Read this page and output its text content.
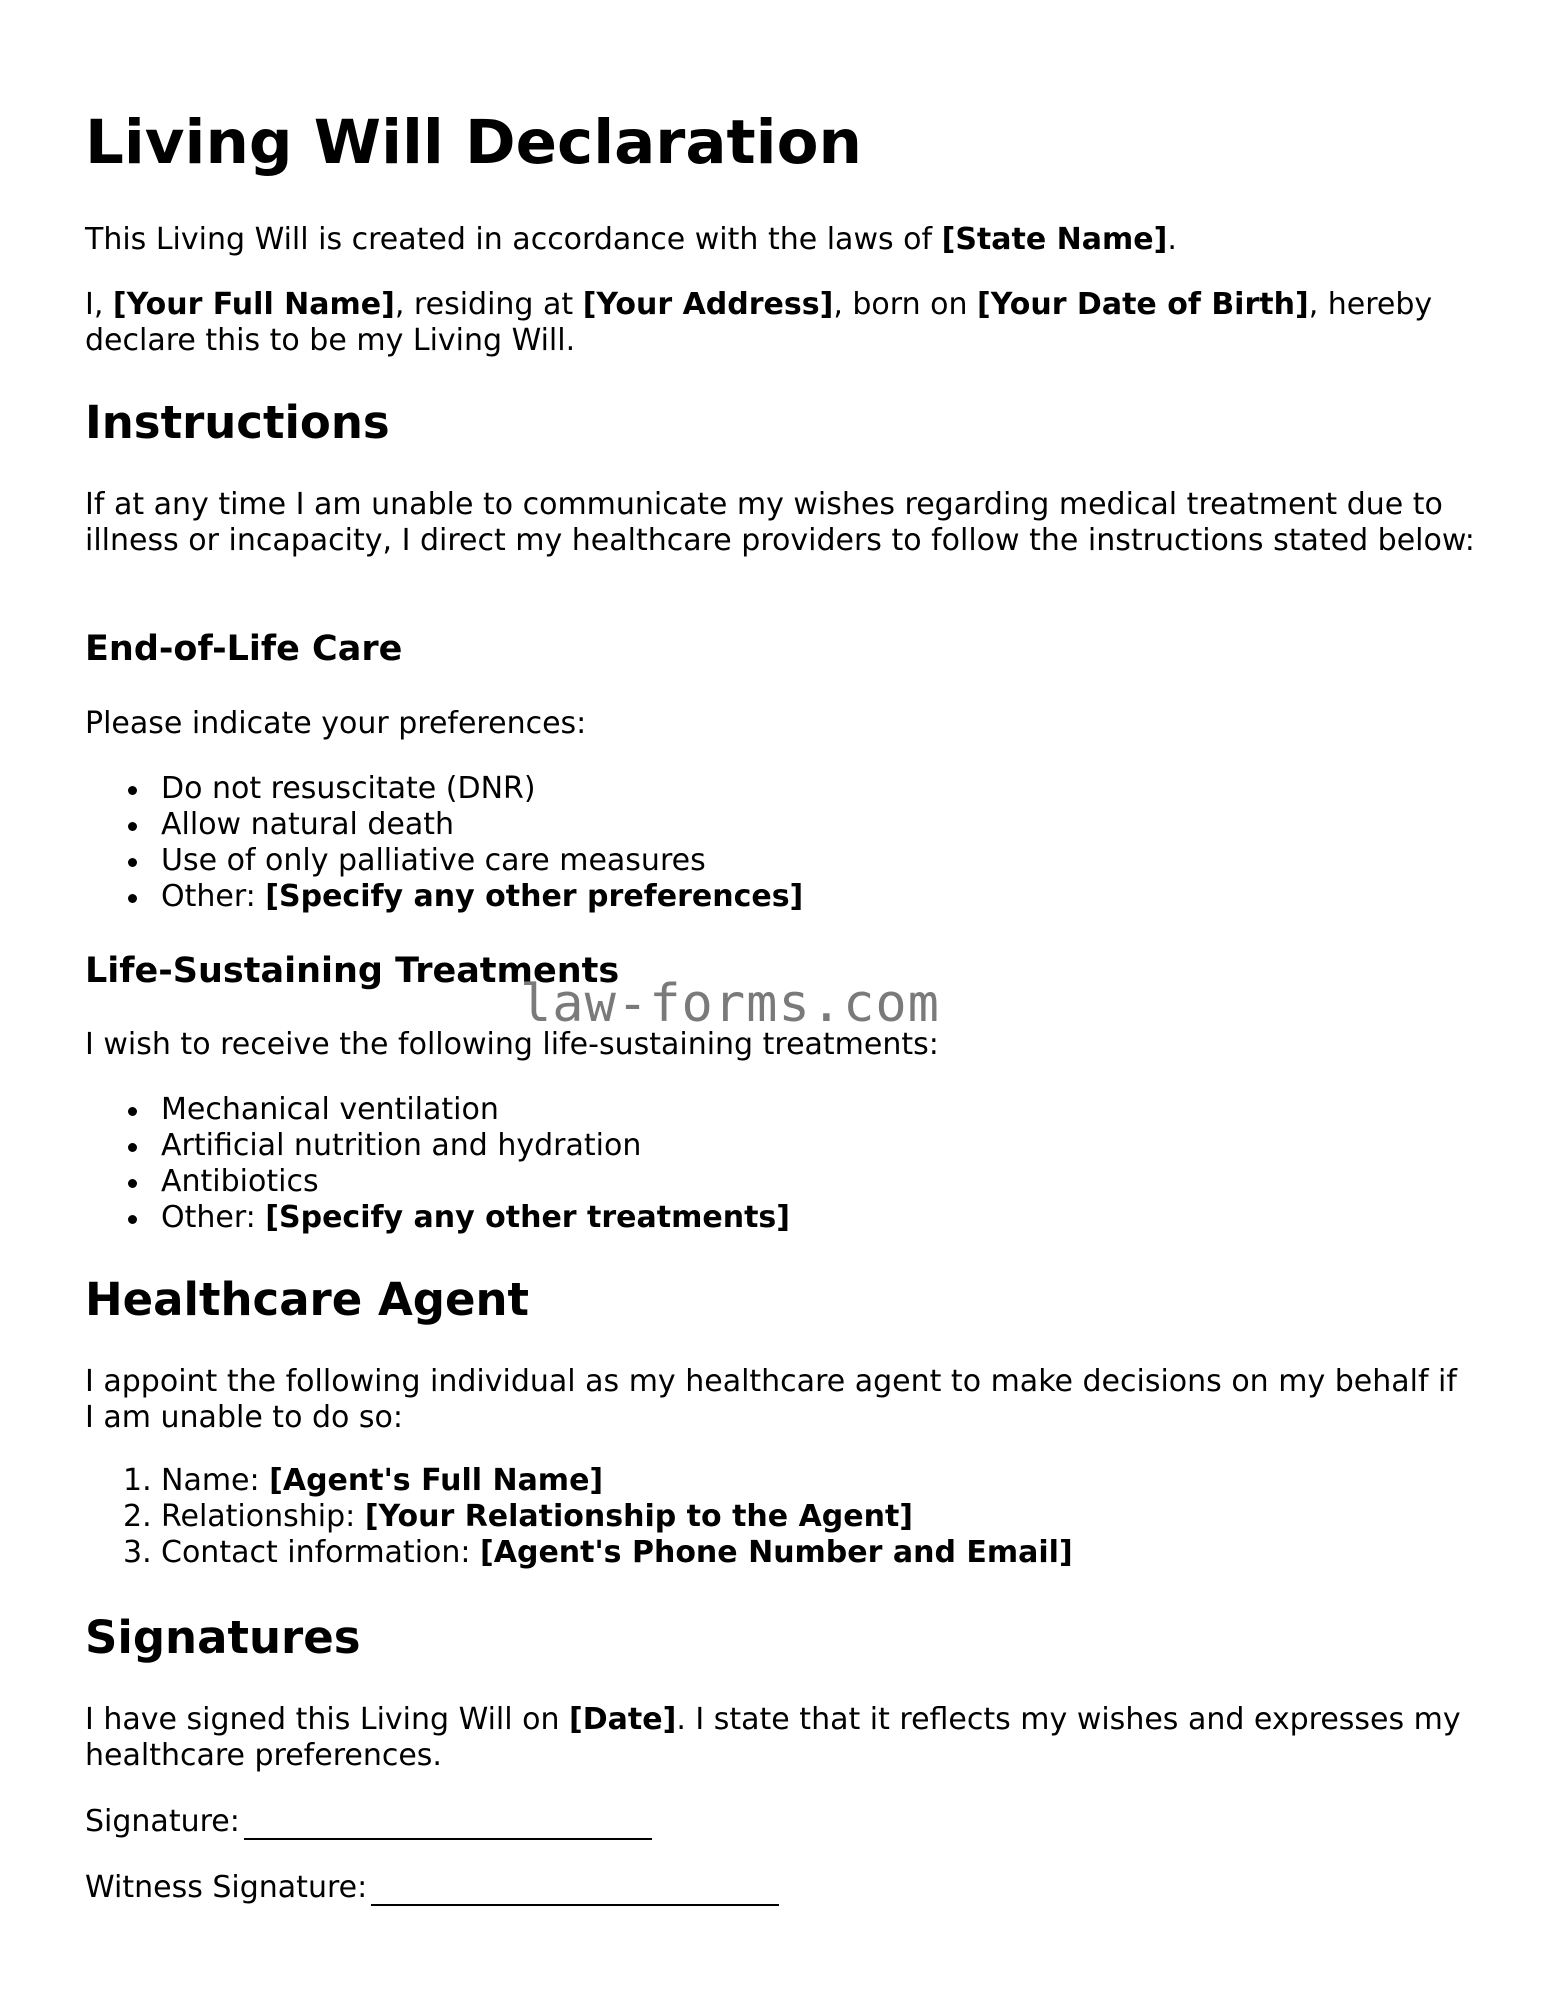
Living Will Declaration

This Living Will is created in accordance with the laws of [State Name].

I, [Your Full Name], residing at [Your Address], born on [Your Date of Birth], hereby declare this to be my Living Will.

Instructions

If at any time I am unable to communicate my wishes regarding medical treatment due to illness or incapacity, I direct my healthcare providers to follow the instructions stated below:

End-of-Life Care

Please indicate your preferences:

Do not resuscitate (DNR)
Allow natural death
Use of only palliative care measures
Other: [Specify any other preferences]
Life-Sustaining Treatments

I wish to receive the following life-sustaining treatments:

Mechanical ventilation
Artificial nutrition and hydration
Antibiotics
Other: [Specify any other treatments]
Healthcare Agent

I appoint the following individual as my healthcare agent to make decisions on my behalf if I am unable to do so:

1. Name: [Agent's Full Name]
2. Relationship: [Your Relationship to the Agent]
3. Contact information: [Agent's Phone Number and Email]
Signatures

I have signed this Living Will on [Date]. I state that it reflects my wishes and expresses my healthcare preferences.

Signature:

Witness Signature:

law-forms.com
